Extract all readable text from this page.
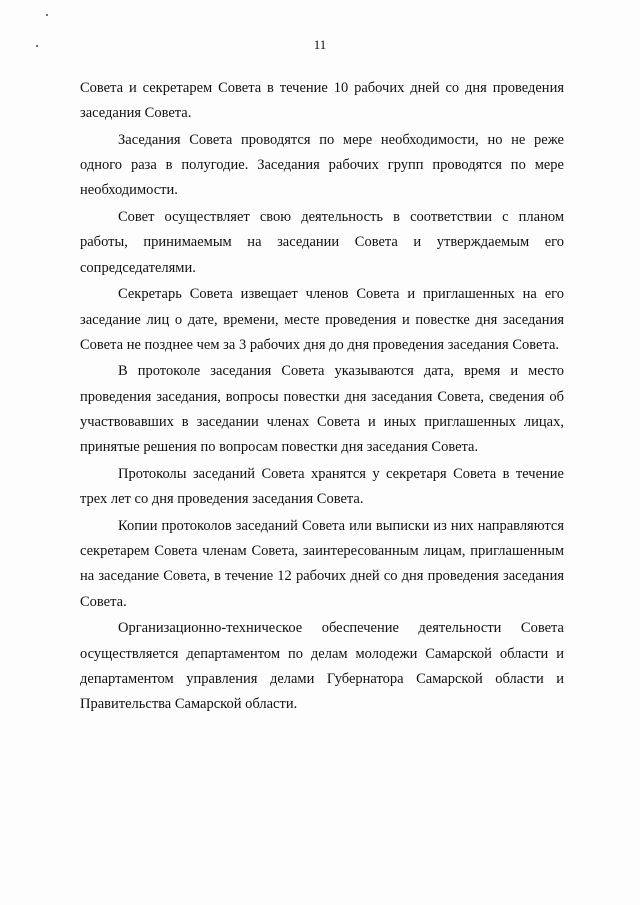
11

Совета и секретарем Совета в течение 10 рабочих дней со дня проведения заседания Совета.

Заседания Совета проводятся по мере необходимости, но не реже одного раза в полугодие. Заседания рабочих групп проводятся по мере необходимости.

Совет осуществляет свою деятельность в соответствии с планом работы, принимаемым на заседании Совета и утверждаемым его сопредседателями.

Секретарь Совета извещает членов Совета и приглашенных на его заседание лиц о дате, времени, месте проведения и повестке дня заседания Совета не позднее чем за 3 рабочих дня до дня проведения заседания Совета.

В протоколе заседания Совета указываются дата, время и место проведения заседания, вопросы повестки дня заседания Совета, сведения об участвовавших в заседании членах Совета и иных приглашенных лицах, принятые решения по вопросам повестки дня заседания Совета.

Протоколы заседаний Совета хранятся у секретаря Совета в течение трех лет со дня проведения заседания Совета.

Копии протоколов заседаний Совета или выписки из них направляются секретарем Совета членам Совета, заинтересованным лицам, приглашенным на заседание Совета, в течение 12 рабочих дней со дня проведения заседания Совета.

Организационно-техническое обеспечение деятельности Совета осуществляется департаментом по делам молодежи Самарской области и департаментом управления делами Губернатора Самарской области и Правительства Самарской области.
